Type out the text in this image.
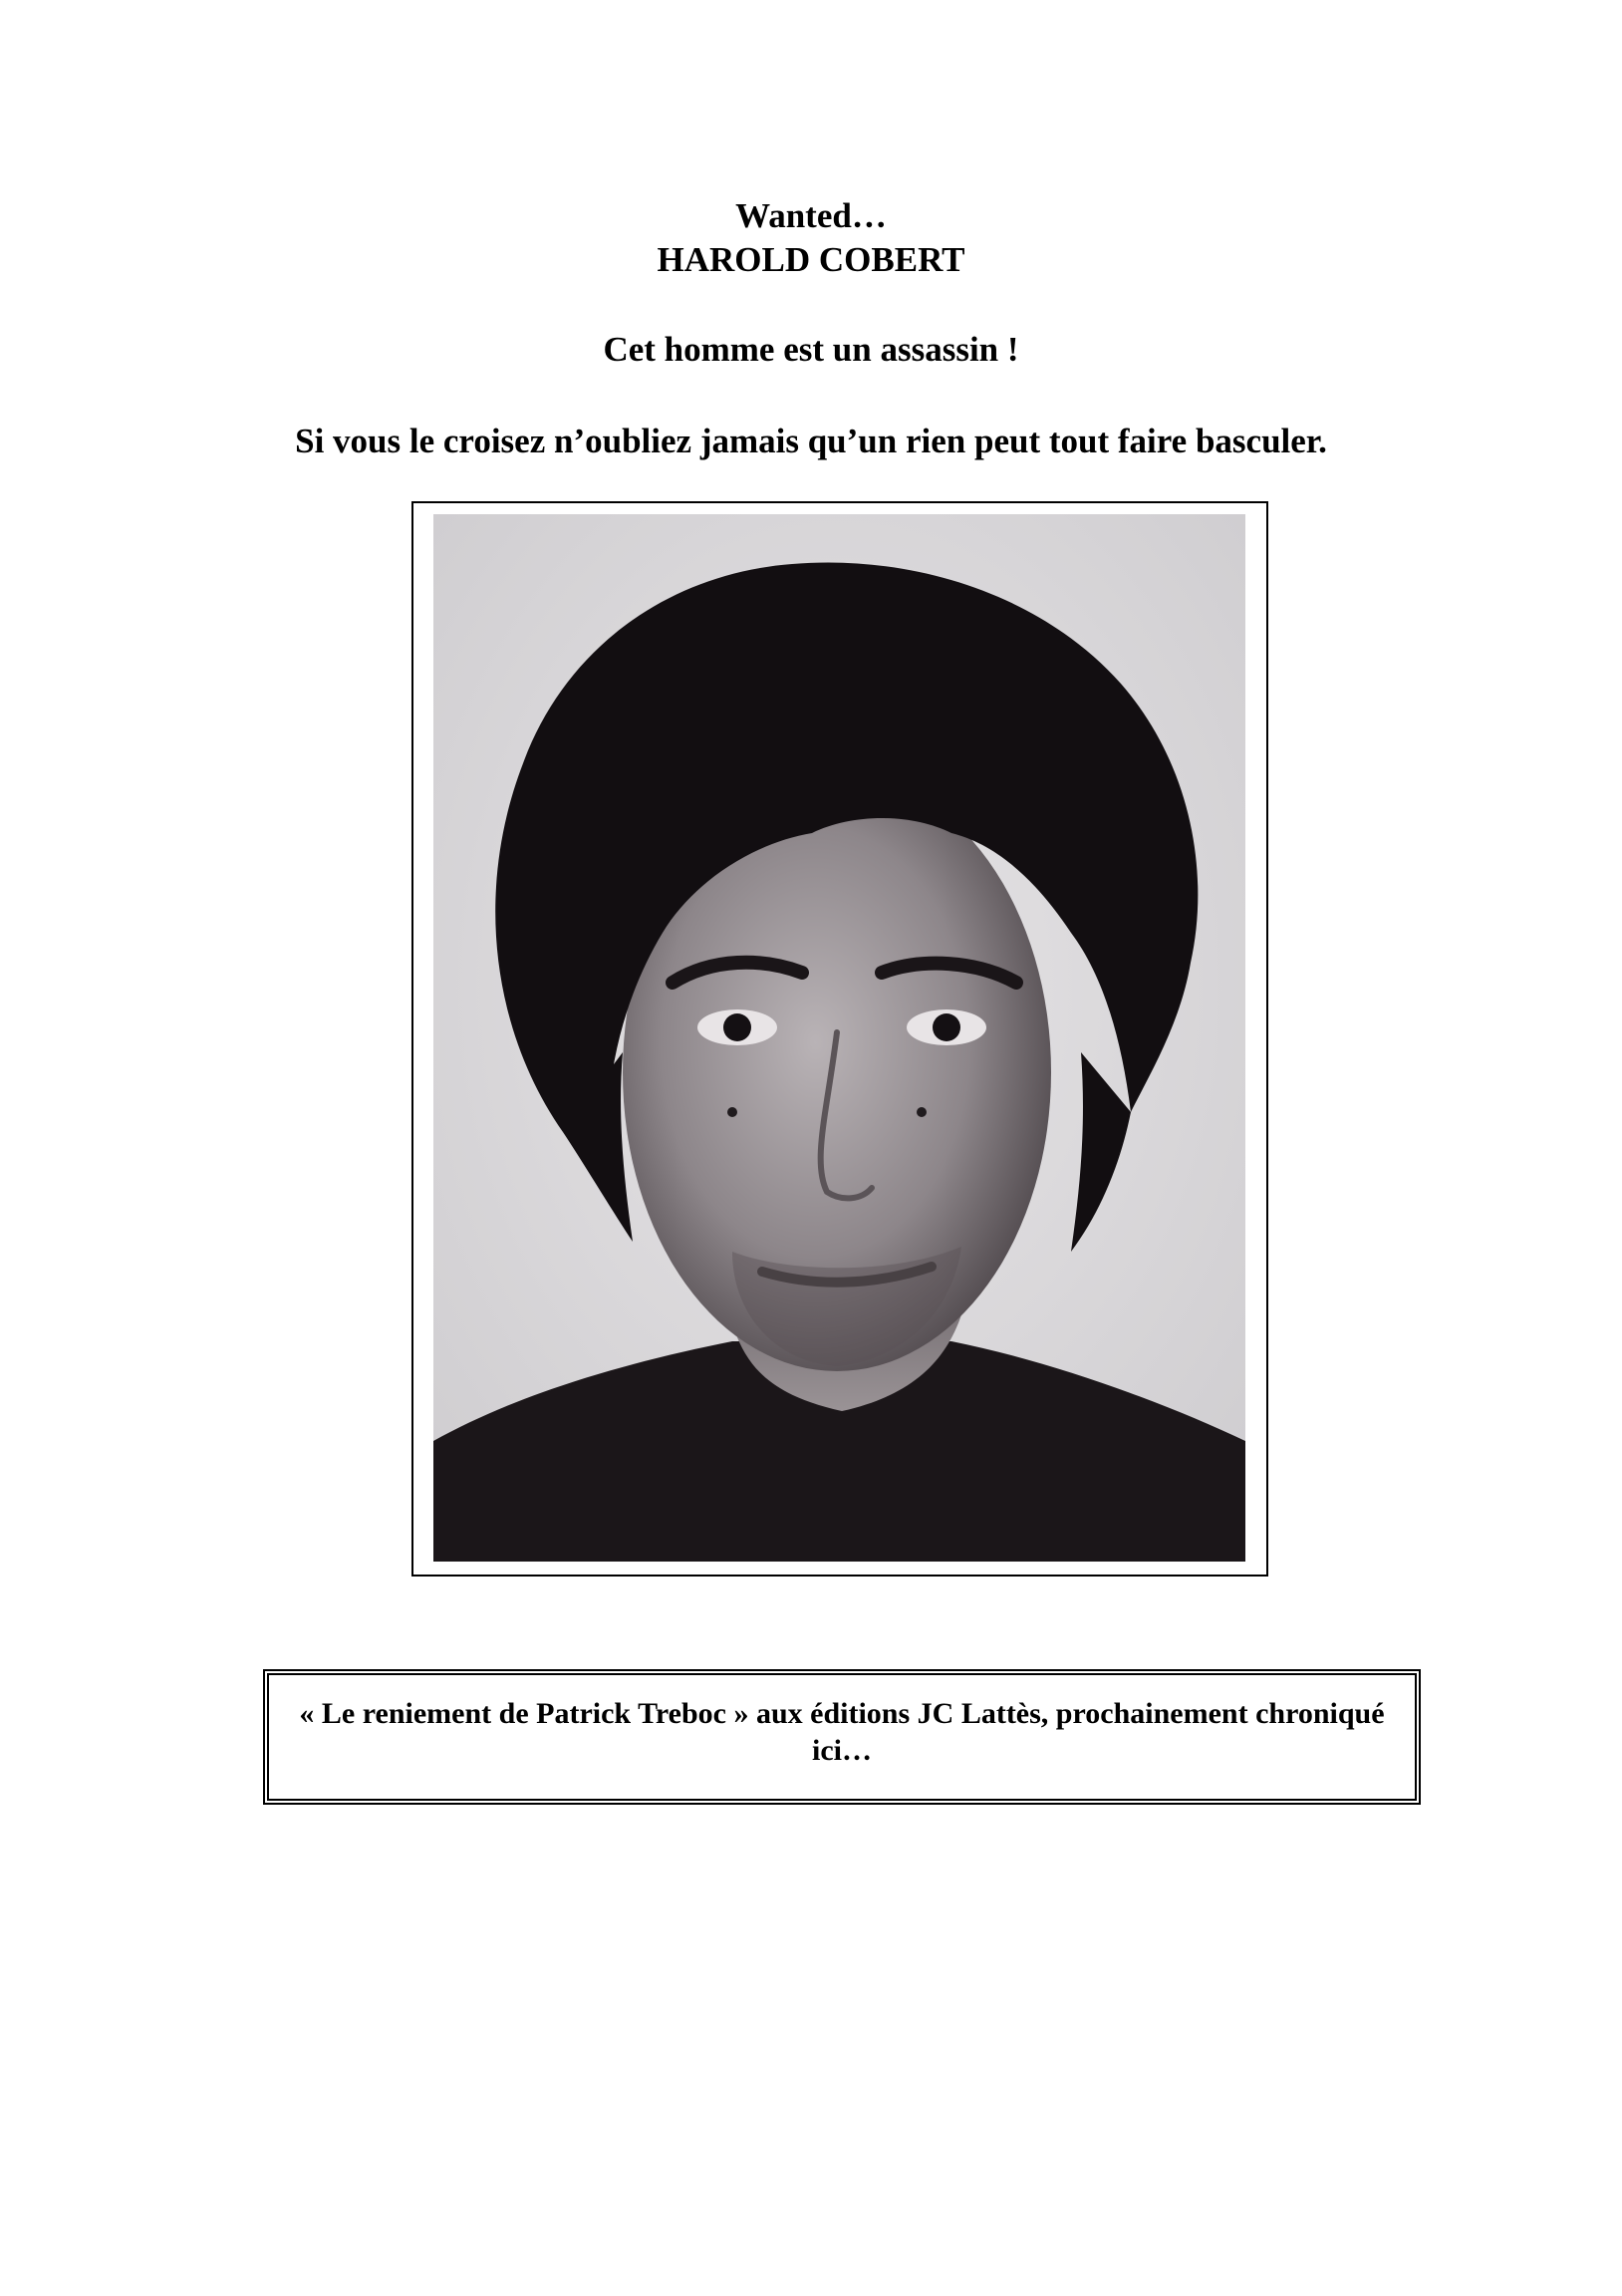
Wanted…

HAROLD COBERT

Cet homme est un assassin !

Si vous le croisez n’oubliez jamais qu’un rien peut tout faire basculer.

« Le reniement de Patrick Treboc » aux éditions JC Lattès, prochainement chroniqué ici…
